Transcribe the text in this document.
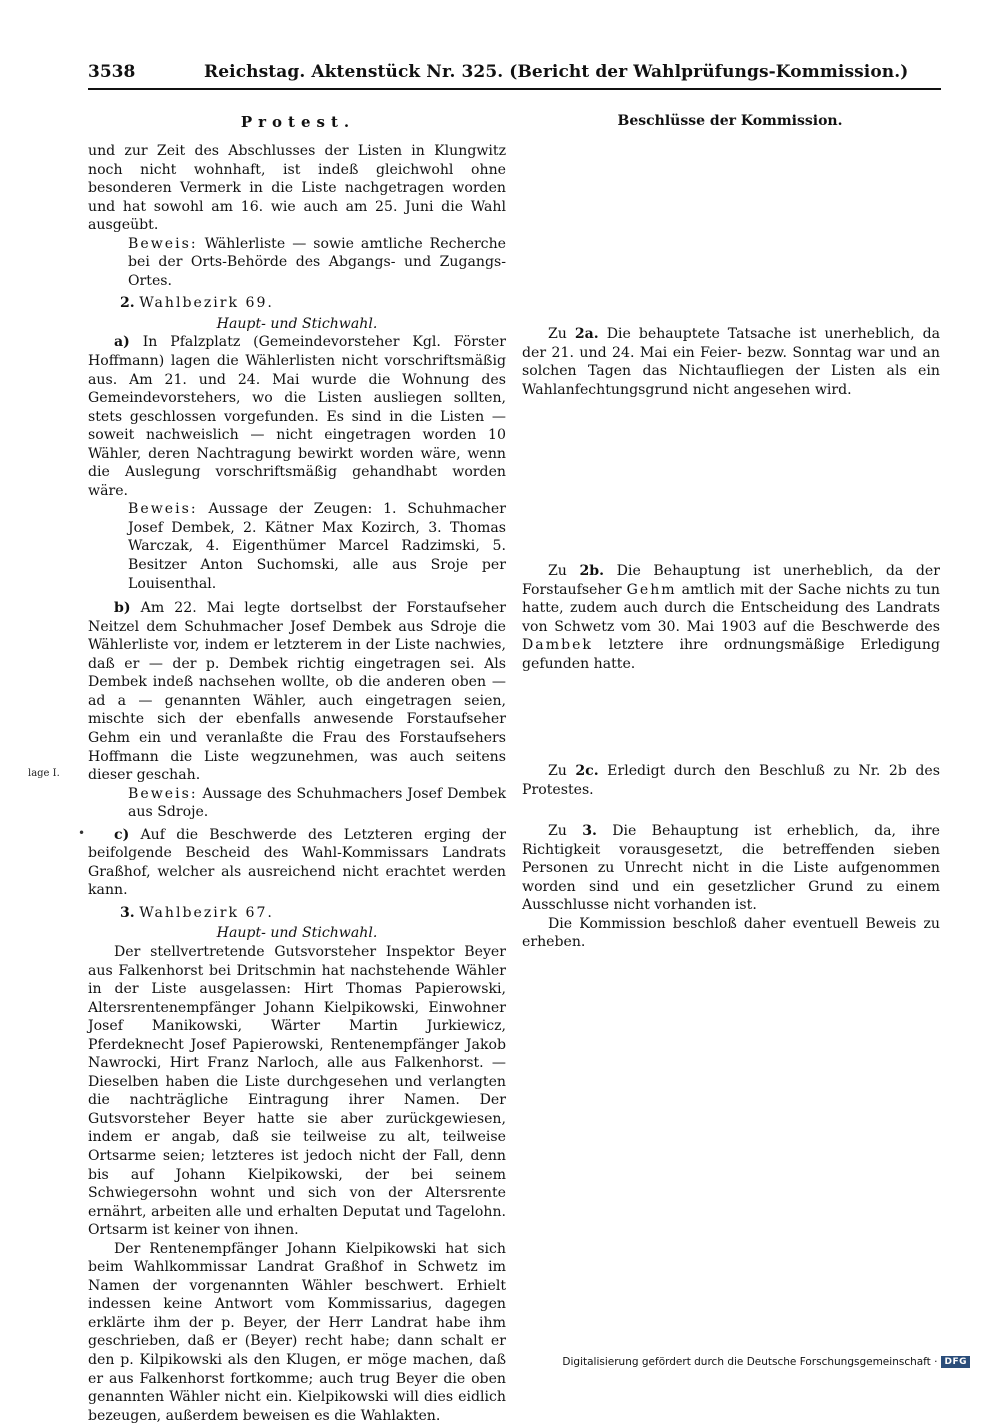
3538	Reichstag. Aktenstück Nr. 325. (Bericht der Wahlprüfungs-Kommission.)
Protest.	Beschlüsse der Kommission.

und zur Zeit des Abschlusses der Listen in Klungwitz noch nicht wohnhaft, ist indeß gleichwohl ohne besonderen Vermerk in die Liste nachgetragen worden und hat sowohl am 16. wie auch am 25. Juni die Wahl ausgeübt.

Beweis: Wählerliste — sowie amtliche Recherche bei der Orts-Behörde des Abgangs- und Zugangs-Ortes.

2. Wahlbezirk 69.

Haupt- und Stichwahl.

a) In Pfalzplatz (Gemeindevorsteher Kgl. Förster Hoffmann) lagen die Wählerlisten nicht vorschriftsmäßig aus. Am 21. und 24. Mai wurde die Wohnung des Gemeindevorstehers, wo die Listen ausliegen sollten, stets geschlossen vorgefunden. Es sind in die Listen — soweit nachweislich — nicht eingetragen worden 10 Wähler, deren Nachtragung bewirkt worden wäre, wenn die Auslegung vorschriftsmäßig gehandhabt worden wäre.

Beweis: Aussage der Zeugen: 1. Schuhmacher Josef Dembek, 2. Kätner Max Kozirch, 3. Thomas Warczak, 4. Eigenthümer Marcel Radzimski, 5. Besitzer Anton Suchomski, alle aus Sroje per Louisenthal.

b) Am 22. Mai legte dortselbst der Forstaufseher Neitzel dem Schuhmacher Josef Dembek aus Sdroje die Wählerliste vor, indem er letzterem in der Liste nachwies, daß er — der p. Dembek richtig eingetragen sei. Als Dembek indeß nachsehen wollte, ob die anderen oben — ad a — genannten Wähler, auch eingetragen seien, mischte sich der ebenfalls anwesende Forstaufseher Gehm ein und veranlaßte die Frau des Forstaufsehers Hoffmann die Liste wegzunehmen, was auch seitens dieser geschah.

Beweis: Aussage des Schuhmachers Josef Dembek aus Sdroje.

c) Auf die Beschwerde des Letzteren erging der beifolgende Bescheid des Wahl-Kommissars Landrats Graßhof, welcher als ausreichend nicht erachtet werden kann.

3. Wahlbezirk 67.

Haupt- und Stichwahl.

Der stellvertretende Gutsvorsteher Inspektor Beyer aus Falkenhorst bei Dritschmin hat nachstehende Wähler in der Liste ausgelassen: Hirt Thomas Papierowski, Altersrentenempfänger Johann Kielpikowski, Einwohner Josef Manikowski, Wärter Martin Jurkiewicz, Pferdeknecht Josef Papierowski, Rentenempfänger Jakob Nawrocki, Hirt Franz Narloch, alle aus Falkenhorst. — Dieselben haben die Liste durchgesehen und verlangten die nachträgliche Eintragung ihrer Namen. Der Gutsvorsteher Beyer hatte sie aber zurückgewiesen, indem er angab, daß sie teilweise zu alt, teilweise Ortsarme seien; letzteres ist jedoch nicht der Fall, denn bis auf Johann Kielpikowski, der bei seinem Schwiegersohn wohnt und sich von der Altersrente ernährt, arbeiten alle und erhalten Deputat und Tagelohn. Ortsarm ist keiner von ihnen.

Der Rentenempfänger Johann Kielpikowski hat sich beim Wahlkommissar Landrat Graßhof in Schwetz im Namen der vorgenannten Wähler beschwert. Erhielt indessen keine Antwort vom Kommissarius, dagegen erklärte ihm der p. Beyer, der Herr Landrat habe ihm geschrieben, daß er (Beyer) recht habe; dann schalt er den p. Kilpikowski als den Klugen, er möge machen, daß er aus Falkenhorst fortkomme; auch trug Beyer die oben genannten Wähler nicht ein. Kielpikowski will dies eidlich bezeugen, außerdem beweisen es die Wahlakten.

lage I.
•

Zu 2a. Die behauptete Tatsache ist unerheblich, da der 21. und 24. Mai ein Feier- bezw. Sonntag war und an solchen Tagen das Nichtaufliegen der Listen als ein Wahlanfechtungsgrund nicht angesehen wird.

Zu 2b. Die Behauptung ist unerheblich, da der Forstaufseher Gehm amtlich mit der Sache nichts zu tun hatte, zudem auch durch die Entscheidung des Landrats von Schwetz vom 30. Mai 1903 auf die Beschwerde des Dambek letztere ihre ordnungsmäßige Erledigung gefunden hatte.

Zu 2c. Erledigt durch den Beschluß zu Nr. 2b des Protestes.

Zu 3. Die Behauptung ist erheblich, da, ihre Richtigkeit vorausgesetzt, die betreffenden sieben Personen zu Unrecht nicht in die Liste aufgenommen worden sind und ein gesetzlicher Grund zu einem Ausschlusse nicht vorhanden ist.

Die Kommission beschloß daher eventuell Beweis zu erheben.

Digitalisierung gefördert durch die Deutsche Forschungsgemeinschaft · DFG
